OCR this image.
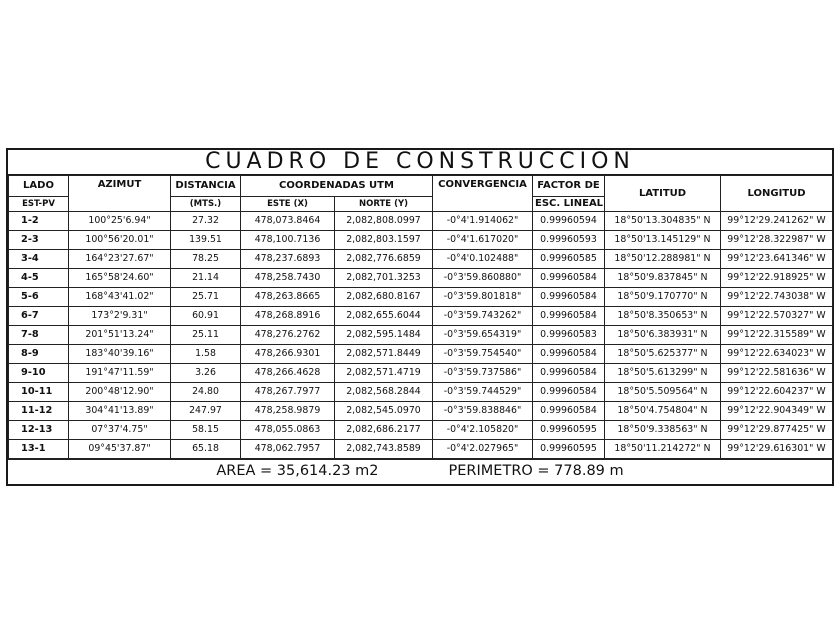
CUADRO DE CONSTRUCCION
LADO	AZIMUT	DISTANCIA	COORDENADAS UTM		CONVERGENCIA	FACTOR DE	LATITUD	LONGITUD
EST-PV		(MTS.)	ESTE (X)	NORTE (Y)		ESC. LINEAL		
1-2	100°25'6.94"	27.32	478,073.8464	2,082,808.0997	-0°4'1.914062"	0.99960594	18°50'13.304835" N	99°12'29.241262" W
2-3	100°56'20.01"	139.51	478,100.7136	2,082,803.1597	-0°4'1.617020"	0.99960593	18°50'13.145129" N	99°12'28.322987" W
3-4	164°23'27.67"	78.25	478,237.6893	2,082,776.6859	-0°4'0.102488"	0.99960585	18°50'12.288981" N	99°12'23.641346" W
4-5	165°58'24.60"	21.14	478,258.7430	2,082,701.3253	-0°3'59.860880"	0.99960584	18°50'9.837845" N	99°12'22.918925" W
5-6	168°43'41.02"	25.71	478,263.8665	2,082,680.8167	-0°3'59.801818"	0.99960584	18°50'9.170770" N	99°12'22.743038" W
6-7	173°2'9.31"	60.91	478,268.8916	2,082,655.6044	-0°3'59.743262"	0.99960584	18°50'8.350653" N	99°12'22.570327" W
7-8	201°51'13.24"	25.11	478,276.2762	2,082,595.1484	-0°3'59.654319"	0.99960583	18°50'6.383931" N	99°12'22.315589" W
8-9	183°40'39.16"	1.58	478,266.9301	2,082,571.8449	-0°3'59.754540"	0.99960584	18°50'5.625377" N	99°12'22.634023" W
9-10	191°47'11.59"	3.26	478,266.4628	2,082,571.4719	-0°3'59.737586"	0.99960584	18°50'5.613299" N	99°12'22.581636" W
10-11	200°48'12.90"	24.80	478,267.7977	2,082,568.2844	-0°3'59.744529"	0.99960584	18°50'5.509564" N	99°12'22.604237" W
11-12	304°41'13.89"	247.97	478,258.9879	2,082,545.0970	-0°3'59.838846"	0.99960584	18°50'4.754804" N	99°12'22.904349" W
12-13	07°37'4.75"	58.15	478,055.0863	2,082,686.2177	-0°4'2.105820"	0.99960595	18°50'9.338563" N	99°12'29.877425" W
13-1	09°45'37.87"	65.18	478,062.7957	2,082,743.8589	-0°4'2.027965"	0.99960595	18°50'11.214272" N	99°12'29.616301" W
AREA = 35,614.23 m2	PERIMETRO = 778.89 m
